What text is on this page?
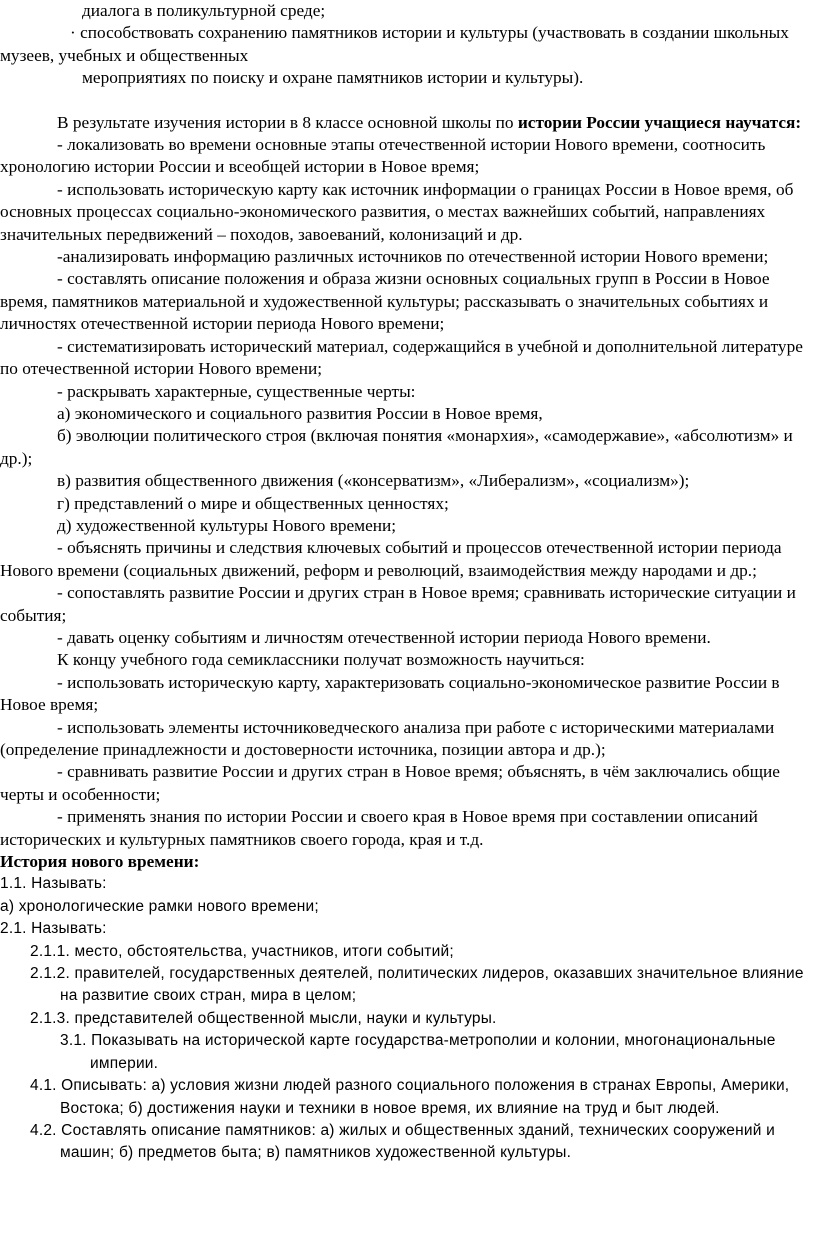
диалога в поликультурной среде;

· способствовать сохранению памятников истории и культуры (участвовать в создании школьных музеев, учебных и общественных

мероприятиях по поиску и охране памятников истории и культуры).

В результате изучения истории в 8 классе основной школы по истории России учащиеся научатся:

- локализовать во времени основные этапы отечественной истории Нового времени, соотносить хронологию истории России и всеобщей истории в Новое время;

- использовать историческую карту как источник информации о границах России в Новое время, об основных процессах социально-экономического развития, о местах важнейших событий, направлениях значительных передвижений – походов, завоеваний, колонизаций и др.

-анализировать информацию различных источников по отечественной истории Нового времени;

- составлять описание положения и образа жизни основных социальных групп в России в Новое время, памятников материальной и художественной культуры; рассказывать о значительных событиях и личностях отечественной истории периода Нового времени;

- систематизировать исторический материал, содержащийся в учебной и дополнительной литературе по отечественной истории Нового времени;

- раскрывать характерные, существенные черты:

а) экономического и социального развития России в Новое время,

б) эволюции политического строя (включая понятия «монархия», «самодержавие», «абсолютизм» и др.);

в) развития общественного движения («консерватизм», «Либерализм», «социализм»);

г) представлений о мире и общественных ценностях;

д) художественной культуры Нового времени;

- объяснять причины и следствия ключевых событий и процессов отечественной истории периода Нового времени (социальных движений, реформ и революций, взаимодействия между народами и др.;

- сопоставлять развитие России и других стран в Новое время; сравнивать исторические ситуации и события;

- давать оценку событиям и личностям отечественной истории периода Нового времени.

К концу учебного года семиклассники получат возможность научиться:

- использовать историческую карту, характеризовать социально-экономическое развитие России в Новое время;

- использовать элементы источниковедческого анализа при работе с историческими материалами (определение принадлежности и достоверности источника, позиции автора и др.);

- сравнивать развитие России и других стран в Новое время; объяснять, в чём заключались общие черты и особенности;

- применять знания по истории России и своего края в Новое время при составлении описаний исторических и культурных памятников своего города, края и т.д.

История нового времени:

1.1. Называть:

а) хронологические рамки нового времени;

2.1. Называть:

2.1.1. место, обстоятельства, участников, итоги событий;

2.1.2. правителей, государственных деятелей, политических лидеров, оказавших значительное влияние на развитие своих стран, мира в целом;

2.1.3. представителей общественной мысли, науки и культуры.

3.1. Показывать на исторической карте государства-метрополии и колонии, многонациональные империи.

4.1. Описывать: а) условия жизни людей разного социального положения в странах Европы, Америки, Востока; б) достижения науки и техники в новое время, их влияние на труд и быт людей.

4.2. Составлять описание памятников: а) жилых и общественных зданий, технических сооружений и машин; б) предметов быта; в) памятников художественной культуры.
